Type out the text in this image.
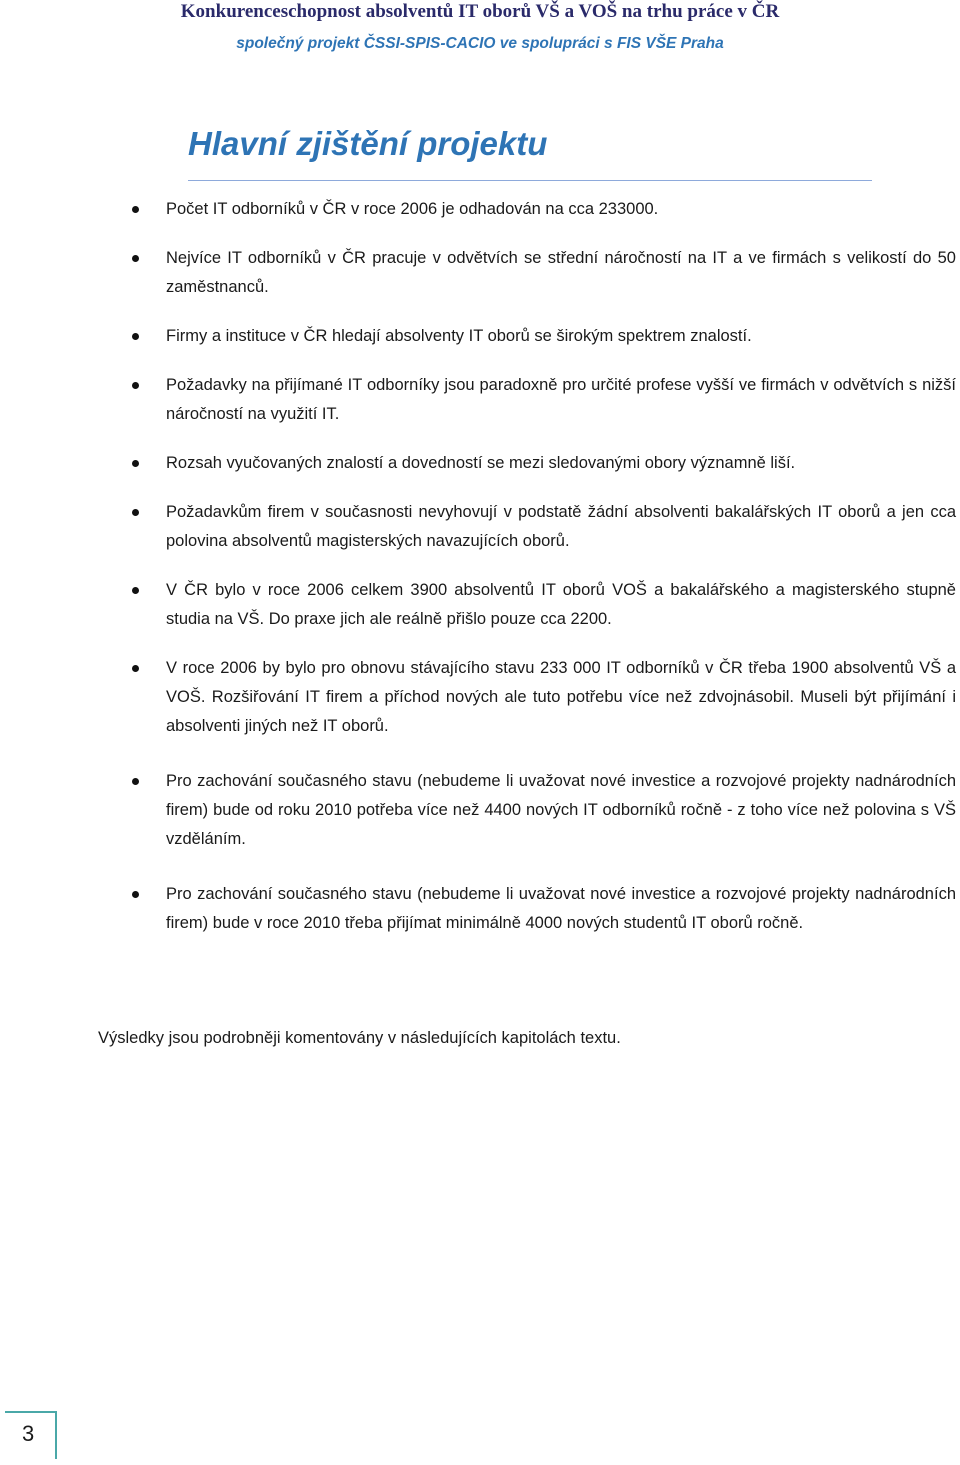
Konkurenceschopnost absolventů IT oborů VŠ a VOŠ na trhu práce v ČR
společný projekt ČSSI-SPIS-CACIO ve spolupráci s FIS VŠE Praha
Hlavní zjištění projektu
Počet IT odborníků v ČR v roce 2006 je odhadován na cca 233000.
Nejvíce IT odborníků v ČR pracuje v odvětvích se střední náročností na IT a ve firmách s velikostí do 50 zaměstnanců.
Firmy a instituce v ČR hledají absolventy IT oborů se širokým spektrem znalostí.
Požadavky na přijímané IT odborníky jsou paradoxně pro určité profese vyšší ve firmách v odvětvích s nižší náročností na využití IT.
Rozsah vyučovaných znalostí a dovedností se mezi sledovanými obory významně liší.
Požadavkům firem v současnosti nevyhovují v podstatě žádní absolventi bakalářských IT oborů a jen cca polovina absolventů magisterských navazujících oborů.
V ČR bylo v roce 2006 celkem 3900 absolventů IT oborů VOŠ a bakalářského a magisterského stupně studia na VŠ. Do praxe jich ale reálně přišlo pouze cca 2200.
V roce 2006 by bylo pro obnovu stávajícího stavu 233 000 IT odborníků v ČR třeba 1900 absolventů VŠ a VOŠ. Rozšiřování IT firem a příchod nových ale tuto potřebu více než zdvojnásobil. Museli být přijímání i absolventi jiných než IT oborů.
Pro zachování současného stavu (nebudeme li uvažovat nové investice a rozvojové projekty nadnárodních firem) bude od roku 2010 potřeba více než 4400 nových IT odborníků ročně - z toho více než polovina s VŠ vzděláním.
Pro zachování současného stavu (nebudeme li uvažovat nové investice a rozvojové projekty nadnárodních firem) bude v roce 2010 třeba přijímat minimálně 4000 nových studentů IT oborů ročně.

Výsledky jsou podrobněji komentovány v následujících kapitolách textu.

3
